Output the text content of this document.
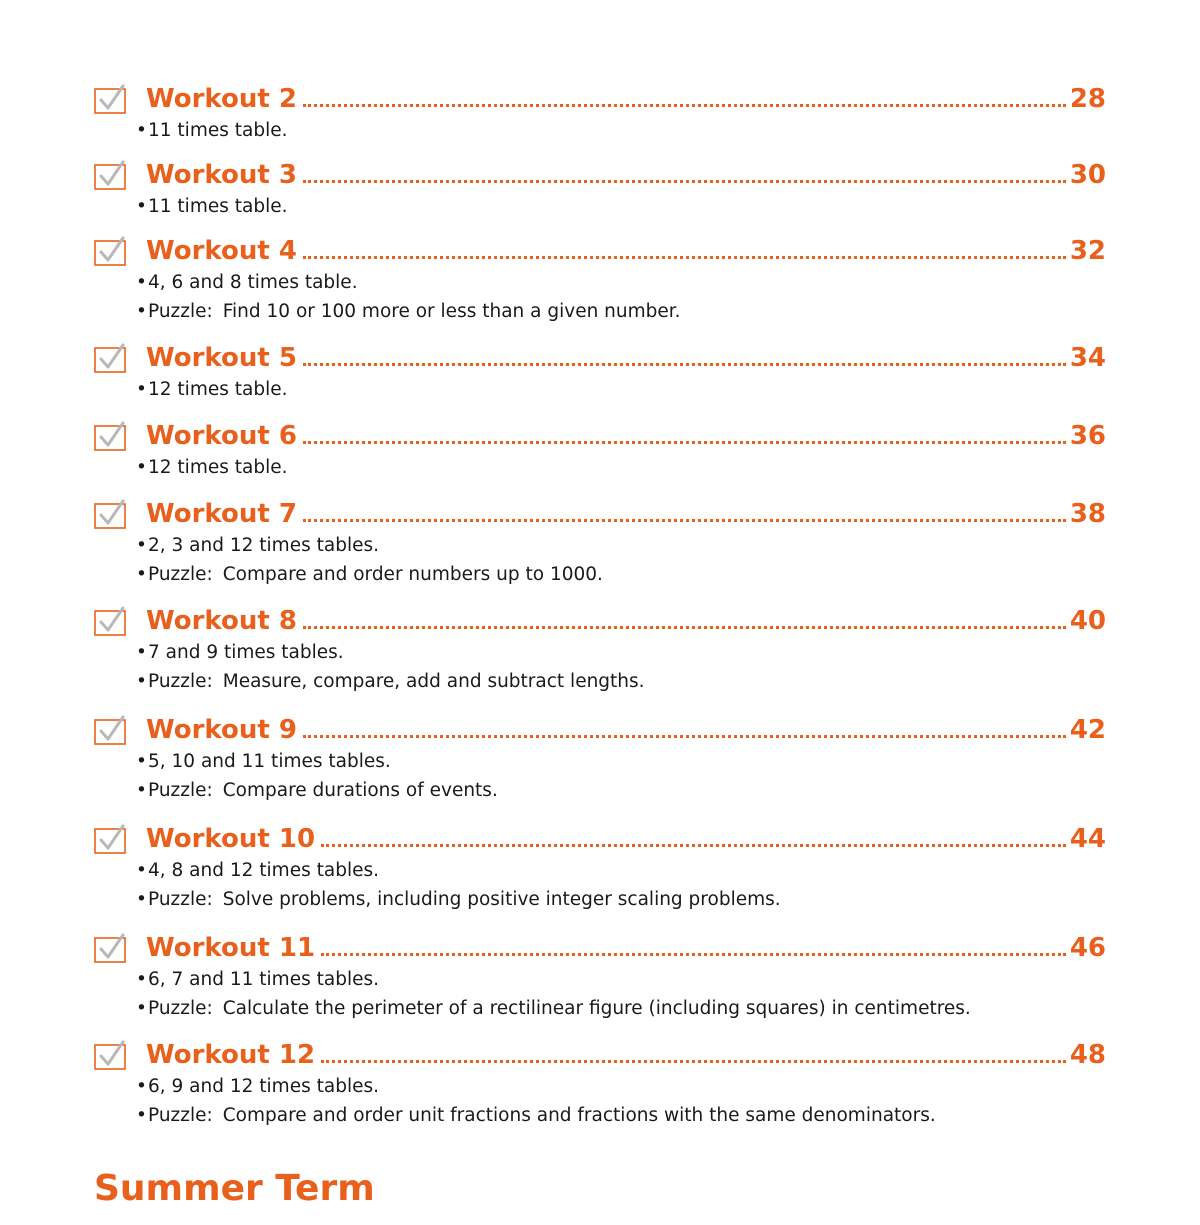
Workout 2	28
•11 times table.
Workout 3	30
•11 times table.
Workout 4	32
•4, 6 and 8 times table.
•Puzzle: Find 10 or 100 more or less than a given number.
Workout 5	34
•12 times table.
Workout 6	36
•12 times table.
Workout 7	38
•2, 3 and 12 times tables.
•Puzzle: Compare and order numbers up to 1000.
Workout 8	40
•7 and 9 times tables.
•Puzzle: Measure, compare, add and subtract lengths.
Workout 9	42
•5, 10 and 11 times tables.
•Puzzle: Compare durations of events.
Workout 10	44
•4, 8 and 12 times tables.
•Puzzle: Solve problems, including positive integer scaling problems.
Workout 11	46
•6, 7 and 11 times tables.
•Puzzle: Calculate the perimeter of a rectilinear figure (including squares) in centimetres.
Workout 12	48
•6, 9 and 12 times tables.
•Puzzle: Compare and order unit fractions and fractions with the same denominators.
Summer Term
